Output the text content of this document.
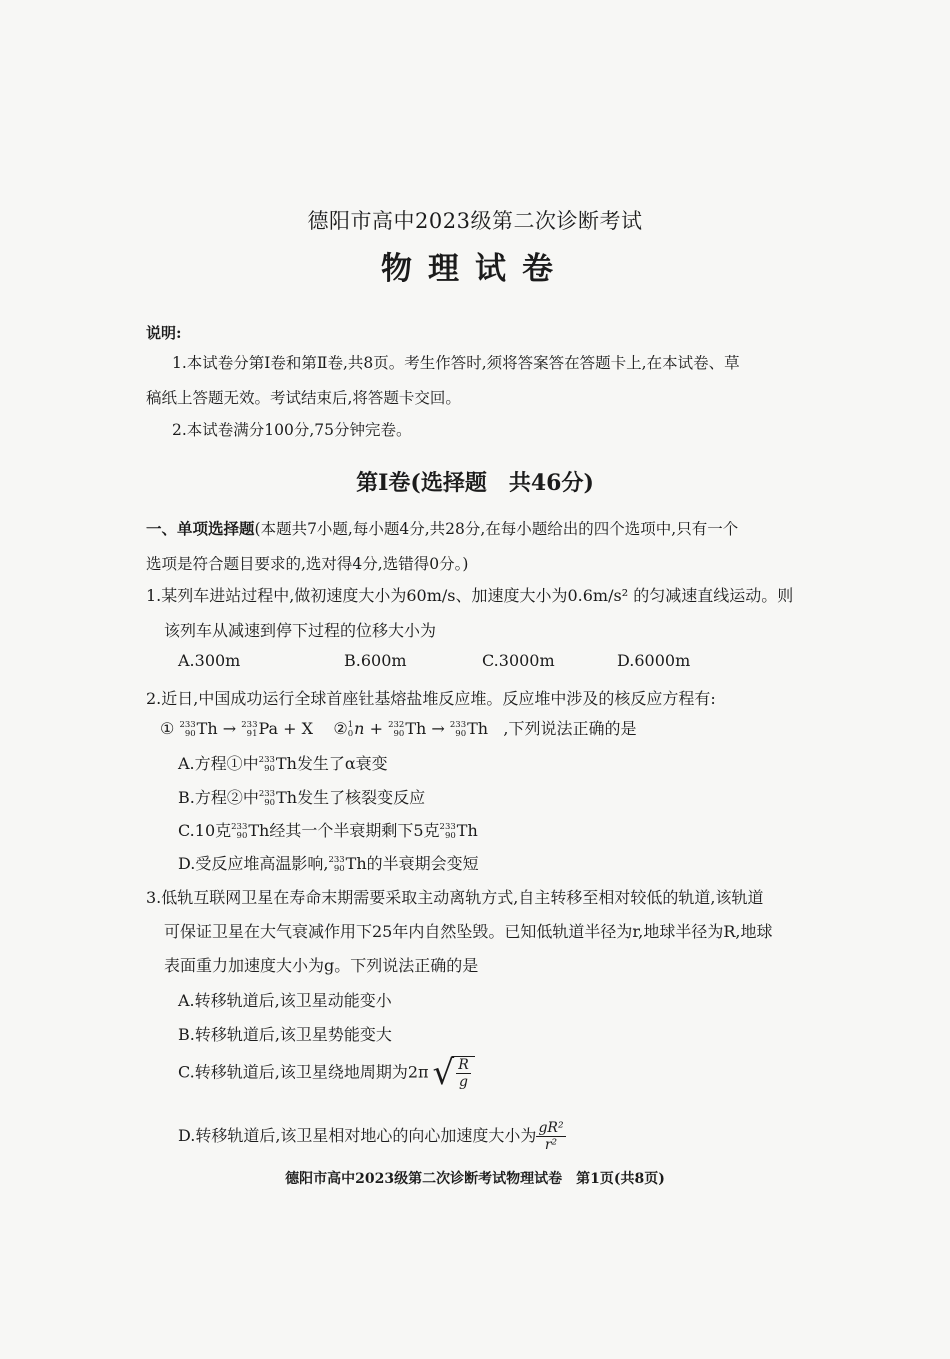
德阳市高中2023级第二次诊断考试
物理试卷
说明:
1.本试卷分第Ⅰ卷和第Ⅱ卷,共8页。考生作答时,须将答案答在答题卡上,在本试卷、草
稿纸上答题无效。考试结束后,将答题卡交回。
2.本试卷满分100分,75分钟完卷。
第Ⅰ卷(选择题　共46分)
一、单项选择题(本题共7小题,每小题4分,共28分,在每小题给出的四个选项中,只有一个
选项是符合题目要求的,选对得4分,选错得0分。)
1.某列车进站过程中,做初速度大小为60m/s、加速度大小为0.6m/s² 的匀减速直线运动。则
该列车从减速到停下过程的位移大小为
A.300m	B.600m	C.3000m	D.6000m
2.近日,中国成功运行全球首座钍基熔盐堆反应堆。反应堆中涉及的核反应方程有:
① 233
90 Th → 233
91 Pa + X ② 1
0 n + 232
90 Th → 233
90 Th ,下列说法正确的是
A.方程①中 233
90 Th发生了α衰变
B.方程②中 233
90 Th发生了核裂变反应
C.10克 233
90 Th经其一个半衰期剩下5克 233
90 Th
D.受反应堆高温影响, 233
90 Th的半衰期会变短
3.低轨互联网卫星在寿命末期需要采取主动离轨方式,自主转移至相对较低的轨道,该轨道
可保证卫星在大气衰减作用下25年内自然坠毁。已知低轨道半径为r,地球半径为R,地球
表面重力加速度大小为g。下列说法正确的是
A.转移轨道后,该卫星动能变小
B.转移轨道后,该卫星势能变大
C.转移轨道后,该卫星绕地周期为2π √ $\frac{R}{g}$
D.转移轨道后,该卫星相对地心的向心加速度大小为 $\frac{\text{gR²}}{\text{r²}}$
德阳市高中2023级第二次诊断考试物理试卷　第1页(共8页)
